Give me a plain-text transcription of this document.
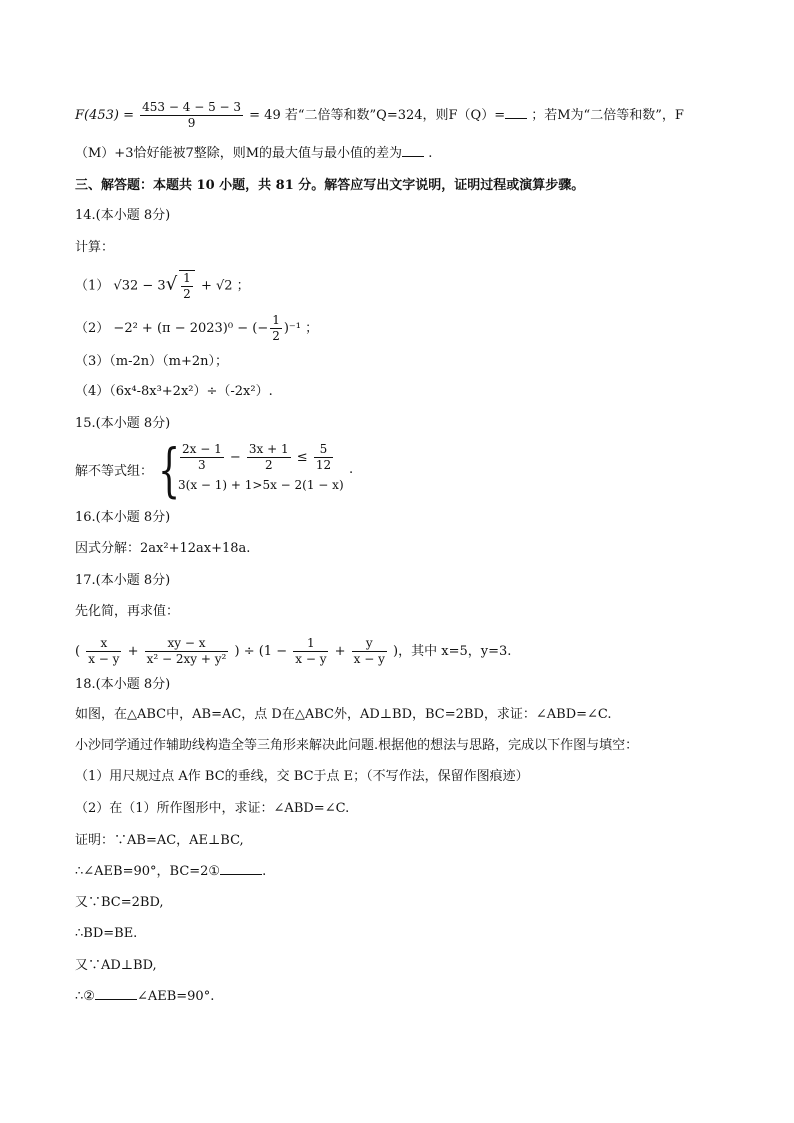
$F(453) = \frac{453 - 4 - 5 - 3}{9} = 49$ 若“二倍等和数”Q=324，则F（Q）= ；若M为“二倍等和数”，F
（M）+3恰好能被7整除，则M的最大值与最小值的差为 .
三、解答题：本题共 10 小题，共 81 分。解答应写出文字说明，证明过程或演算步骤。
14.(本小题 8分)
计算：
（1） $√32 - 3√ \frac{1}{2} + √2$ ；
（2） −2² + (π − 2023)⁰ − (− $\frac{1}{2} )^{-1}$ ；
（3）（m-2n）（m+2n）；
（4）（6x⁴-8x³+2x²）÷（-2x²）.
15.(本小题 8分)
解不等式组： { $\frac{2x - 1}{3} - \frac{3x + 1}{2} \le \frac{5}{12}$
3(x − 1) + 1>5x − 2(1 − x)
.
16.(本小题 8分)
因式分解：2ax²+12ax+18a.
17.(本小题 8分)
先化简，再求值：
( $\frac{x}{x - y} + \frac{xy - x}{\text{x² − 2xy + y²}}$ ) ÷ ($1 - \frac{1}{x - y} + \frac{y}{x - y}$ )，其中 x=5，y=3.
18.(本小题 8分)
如图，在△ABC中，AB=AC，点 D在△ABC外，AD⊥BD，BC=2BD，求证：∠ABD=∠C.
小沙同学通过作辅助线构造全等三角形来解决此问题.根据他的想法与思路，完成以下作图与填空：
（1）用尺规过点 A作 BC的垂线，交 BC于点 E；（不写作法，保留作图痕迹）
（2）在（1）所作图形中，求证：∠ABD=∠C.
证明：∵AB=AC，AE⊥BC,
∴∠AEB=90°，BC=2①	.
又∵BC=2BD,
∴BD=BE.
又∵AD⊥BD,
∴②	∠AEB=90°.
